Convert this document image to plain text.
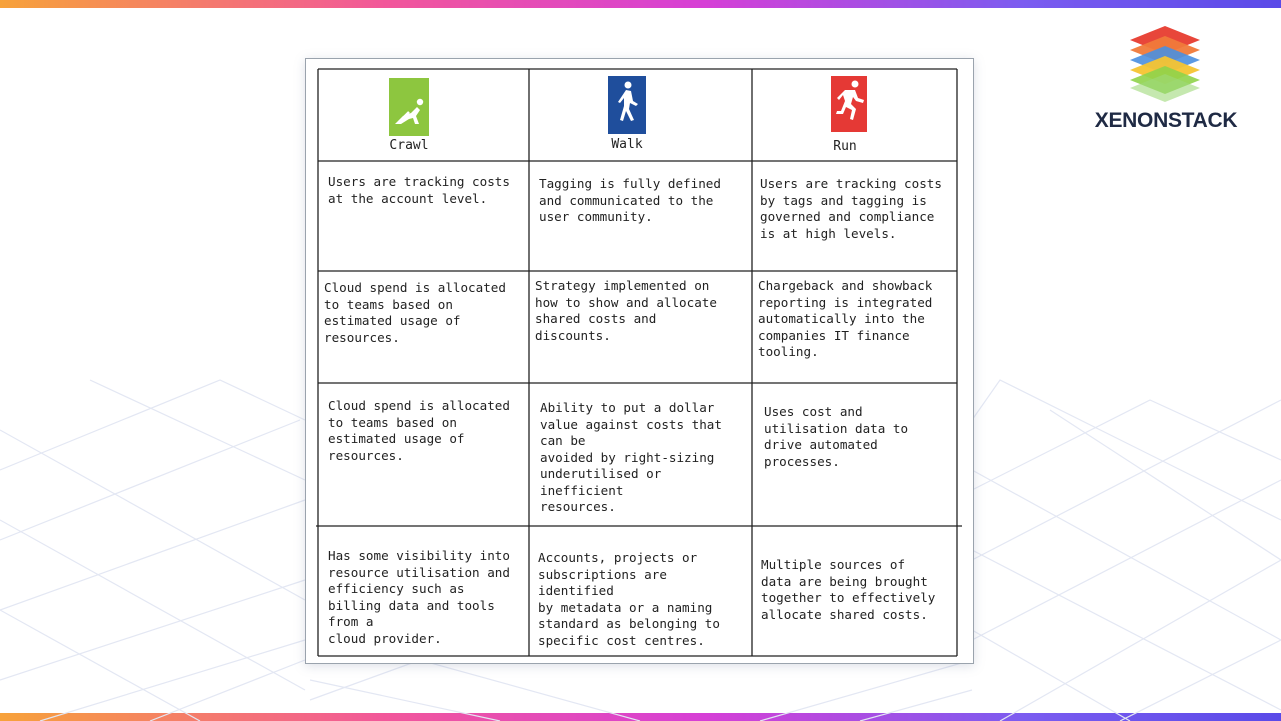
XENONSTACK
Crawl	Walk	Run
Users are tracking costs
at the account level.
Tagging is fully defined
and communicated to the
user community.
Users are tracking costs
by tags and tagging is
governed and compliance
is at high levels.
Cloud spend is allocated
to teams based on
estimated usage of
resources.
Strategy implemented on
how to show and allocate
shared costs and
discounts.
Chargeback and showback
reporting is integrated
automatically into the
companies IT finance
tooling.
Cloud spend is allocated
to teams based on
estimated usage of
resources.
Ability to put a dollar
value against costs that
can be
avoided by right-sizing
underutilised or
inefficient
resources.
Uses cost and
utilisation data to
drive automated
processes.
Has some visibility into
resource utilisation and
efficiency such as
billing data and tools
from a
cloud provider.
Accounts, projects or
subscriptions are
identified
by metadata or a naming
standard as belonging to
specific cost centres.
Multiple sources of
data are being brought
together to effectively
allocate shared costs.
